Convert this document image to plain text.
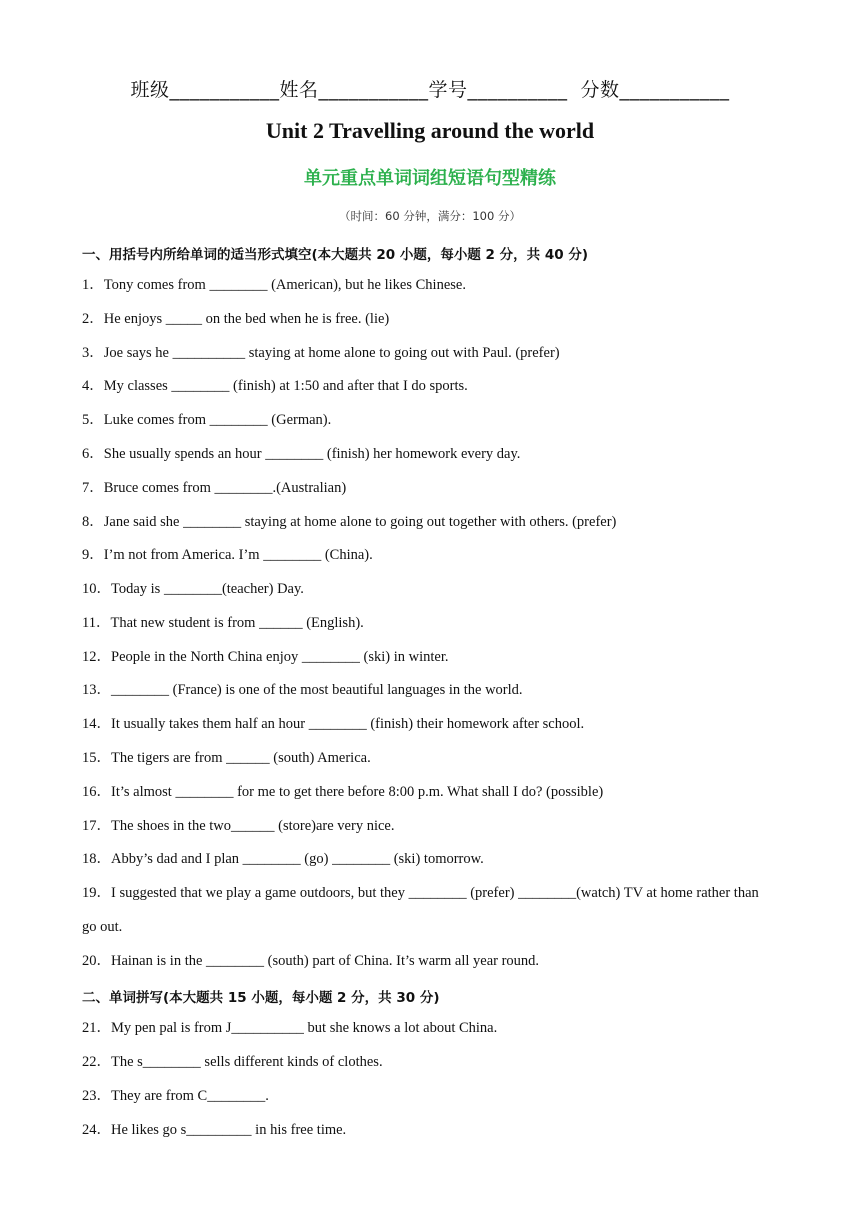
班级___________姓名___________学号__________  分数___________
Unit 2 Travelling around the world
单元重点单词词组短语句型精练
（时间：60 分钟，满分：100 分）
一、用括号内所给单词的适当形式填空(本大题共 20 小题，每小题 2 分，共 40 分)
1．Tony comes from ________ (American), but he likes Chinese.
2．He enjoys _____ on the bed when he is free. (lie)
3．Joe says he __________ staying at home alone to going out with Paul. (prefer)
4．My classes ________ (finish) at 1:50 and after that I do sports.
5．Luke comes from ________ (German).
6．She usually spends an hour ________ (finish) her homework every day.
7．Bruce comes from ________.(Australian)
8．Jane said she ________ staying at home alone to going out together with others. (prefer)
9．I’m not from America. I’m ________ (China).
10．Today is ________(teacher) Day.
11．That new student is from ______ (English).
12．People in the North China enjoy ________ (ski) in winter.
13．________ (France) is one of the most beautiful languages in the world.
14．It usually takes them half an hour ________ (finish) their homework after school.
15．The tigers are from ______ (south) America.
16．It’s almost ________ for me to get there before 8:00 p.m. What shall I do? (possible)
17．The shoes in the two______ (store)are very nice.
18．Abby’s dad and I plan ________ (go) ________ (ski) tomorrow.
19．I suggested that we play a game outdoors, but they ________ (prefer) ________(watch) TV at home rather than go out.
20．Hainan is in the ________ (south) part of China. It’s warm all year round.
二、单词拼写(本大题共 15 小题，每小题 2 分，共 30 分)
21．My pen pal is from J__________ but she knows a lot about China.
22．The s________ sells different kinds of clothes.
23．They are from C________.
24．He likes go s_________ in his free time.
